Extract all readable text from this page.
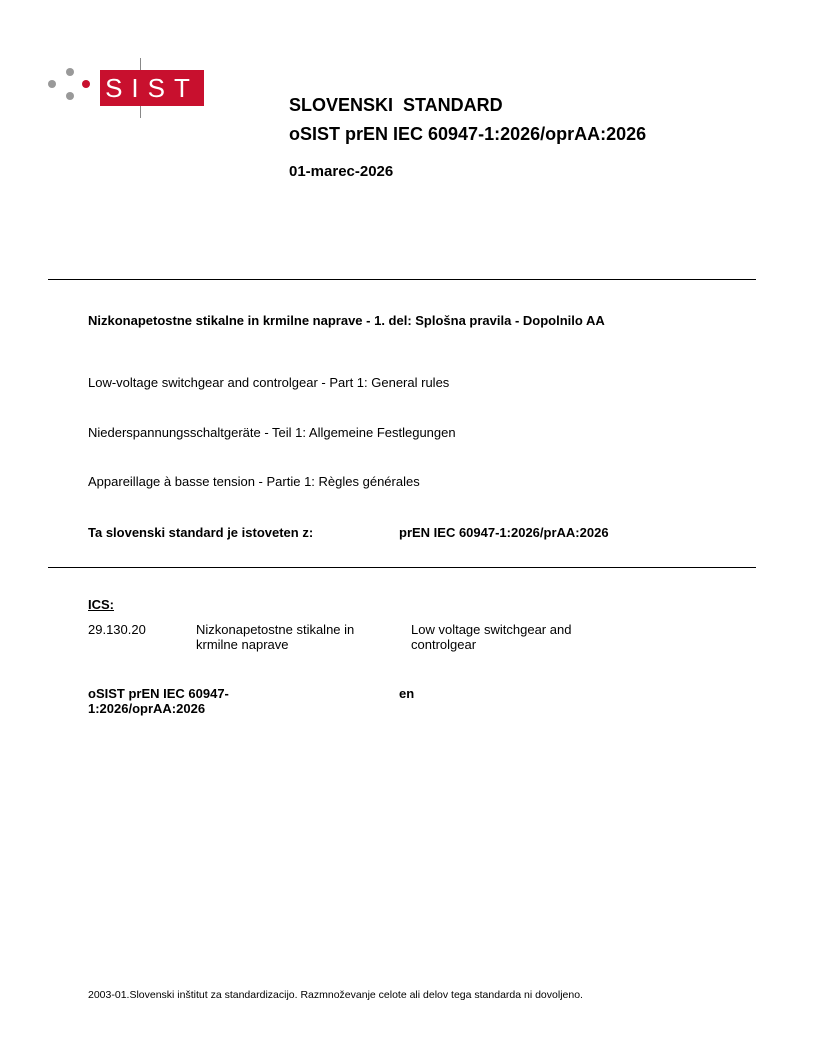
SIST
SLOVENSKI  STANDARD
oSIST prEN IEC 60947-1:2026/oprAA:2026
01-marec-2026
Nizkonapetostne stikalne in krmilne naprave - 1. del: Splošna pravila - Dopolnilo AA
Low-voltage switchgear and controlgear - Part 1: General rules
Niederspannungsschaltgeräte - Teil 1: Allgemeine Festlegungen
Appareillage à basse tension - Partie 1: Règles générales
Ta slovenski standard je istoveten z:	prEN IEC 60947-1:2026/prAA:2026
ICS:
29.130.20	Nizkonapetostne stikalne in krmilne naprave
Low voltage switchgear and controlgear
oSIST prEN IEC 60947-1:2026/oprAA:2026
en
2003-01.Slovenski inštitut za standardizacijo. Razmnoževanje celote ali delov tega standarda ni dovoljeno.
